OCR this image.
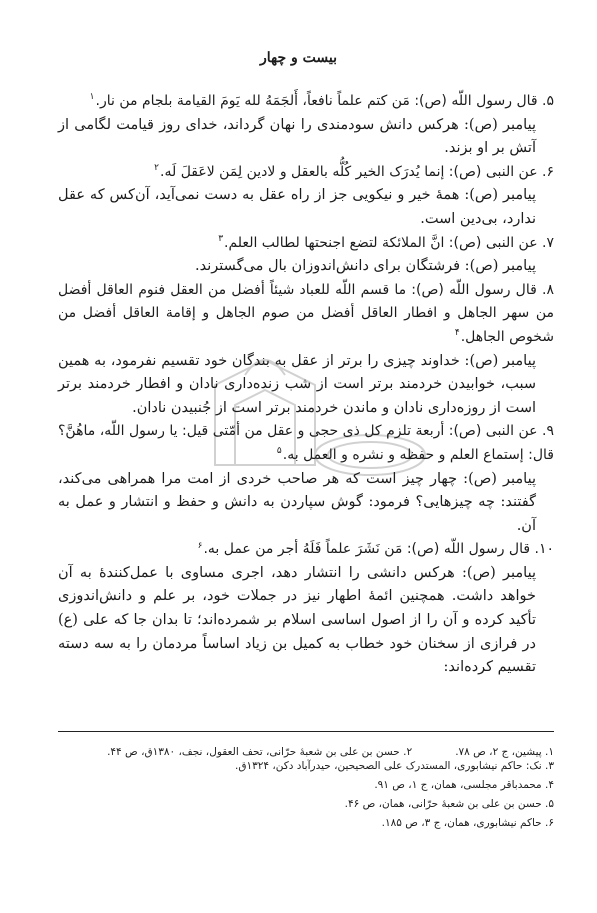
بیست و چهار

۵. قال رسول اللّه (ص): مَن کتم علماً نافعاً، أَلجَمَهُ لله یَومَ القیامة بلجام من نار.$^۱$

پیامبر (ص): هرکس دانش سودمندی را نهان گرداند، خدای روز قیامت لگامی از آتش بر او بزند.

۶. عن النبی (ص): إنما یُدرَک الخیر کُلُّه بالعقل و لادین لِمَن لاعَقلَ لَه.$^۲$

پیامبر (ص): همهٔ خیر و نیکویی جز از راه عقل به دست نمی‌آید، آن‌کس که عقل ندارد، بی‌دین است.

۷. عن النبی (ص): انَّ الملائکة لتضع اجنحتها لطالب العلم.$^۳$

پیامبر (ص): فرشتگان برای دانش‌اندوزان بال می‌گسترند.

۸. قال رسول اللّه (ص): ما قسم اللّه للعباد شیئاً أفضل من العقل فنوم العاقل أفضل من سهر الجاهل و افطار العاقل أفضل من صوم الجاهل و إقامة العاقل أفضل من شخوص الجاهل.$^۴$

پیامبر (ص): خداوند چیزی را برتر از عقل به بندگان خود تقسیم نفرمود، به همین سبب، خوابیدن خردمند برتر است از شب زنده‌داری نادان و افطار خردمند برتر است از روزه‌داری نادان و ماندن خردمند برتر است از جُنبیدن نادان.

۹. عن النبی (ص): أربعة تلزم کل ذی حجی و عقل من أمّتی قیل: یا رسول اللّه، ماهُنَّ؟ قال: إستماع العلم و حفظه و نشره و العمل به.$^۵$

پیامبر (ص): چهار چیز است که هر صاحب خردی از امت مرا همراهی می‌کند، گفتند: چه چیزهایی؟ فرمود: گوش سپاردن به دانش و حفظ و انتشار و عمل به آن.

۱۰. قال رسول اللّه (ص): مَن نَشَرَ علماً فَلَهُ أجر من عمل به.$^۶$

پیامبر (ص): هرکس دانشی را انتشار دهد، اجری مساوی با عمل‌کنندهٔ به آن خواهد داشت. همچنین ائمهٔ اطهار نیز در جملات خود، بر علم و دانش‌اندوزی تأکید کرده و آن را از اصول اساسی اسلام بر شمرده‌اند؛ تا بدان جا که علی (ع) در فرازی از سخنان خود خطاب به کمیل بن زیاد اساساً مردمان را به سه دسته تقسیم کرده‌اند:

۱. پیشین، ج ۲، ص ۷۸. ۲. حسن بن علی بن شعبهٔ حرّانی، تحف العقول، نجف، ۱۳۸۰ق، ص ۴۴.
۳. نک: حاکم نیشابوری، المستدرک علی الصحیحین، حیدرآباد دکن، ۱۳۲۴ق.
۴. محمدباقر مجلسی، همان، ج ۱، ص ۹۱.
۵. حسن بن علی بن شعبهٔ حرّانی، همان، ص ۴۶.
۶. حاکم نیشابوری، همان، ج ۳، ص ۱۸۵.
